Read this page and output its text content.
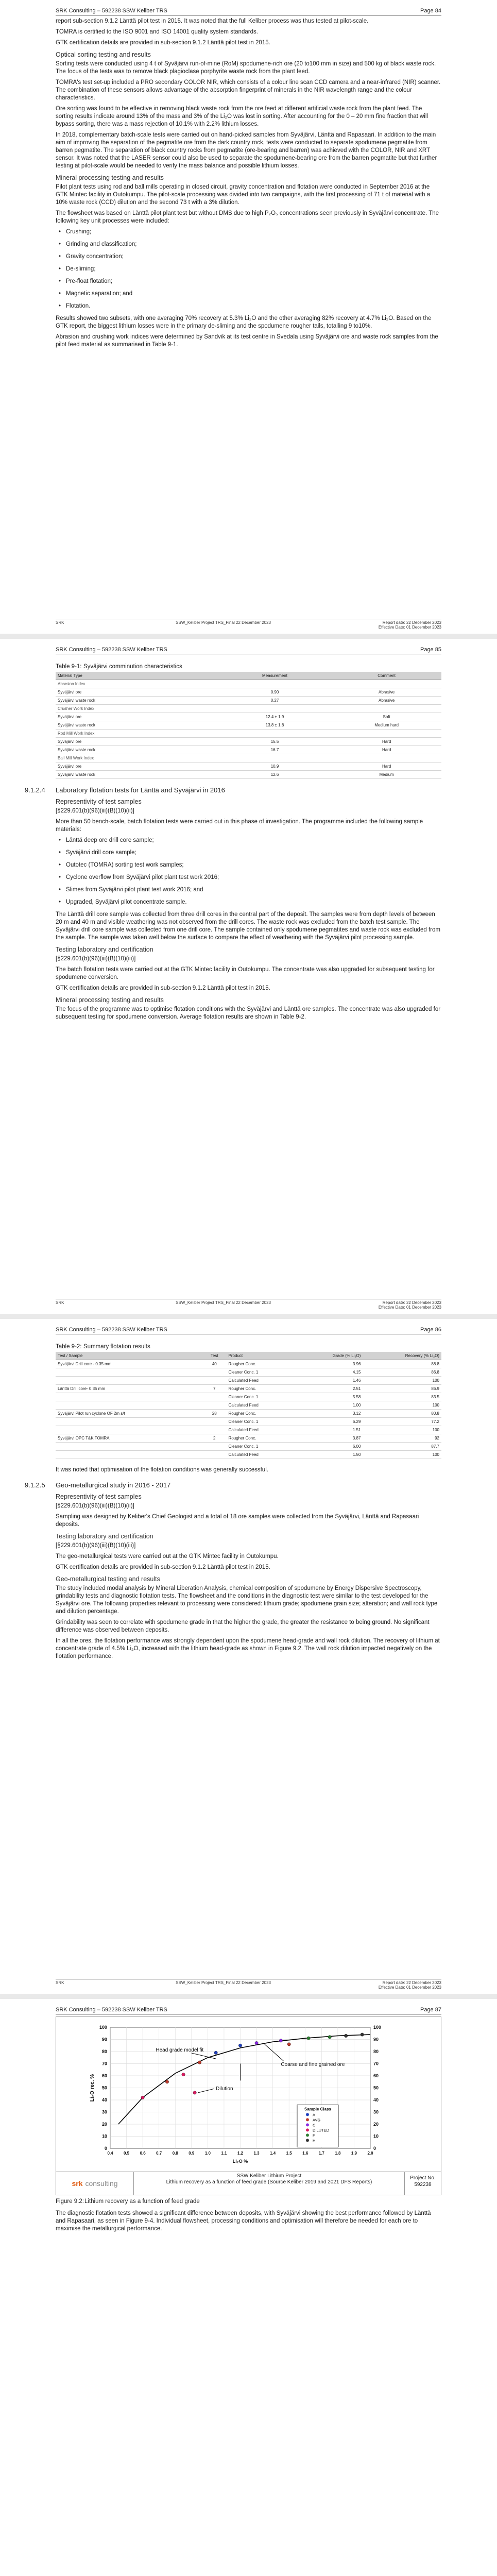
SRK Consulting – 592238 SSW Keliber TRS	Page 84

report sub-section 9.1.2 Länttä pilot test in 2015. It was noted that the full Keliber process was thus tested at pilot-scale.

TOMRA is certified to the ISO 9001 and ISO 14001 quality system standards.

GTK certification details are provided in sub-section 9.1.2 Länttä pilot test in 2015.

Optical sorting testing and results

Sorting tests were conducted using 4 t of Syväjärvi run-of-mine (RoM) spodumene-rich ore (20 to100 mm in size) and 500 kg of black waste rock. The focus of the tests was to remove black plagioclase porphyrite waste rock from the plant feed.

TOMRA's test set-up included a PRO secondary COLOR NIR, which consists of a colour line scan CCD camera and a near-infrared (NIR) scanner. The combination of these sensors allows advantage of the absorption fingerprint of minerals in the NIR wavelength range and the colour characteristics.

Ore sorting was found to be effective in removing black waste rock from the ore feed at different artificial waste rock from the plant feed. The sorting results indicate around 13% of the mass and 3% of the Li₂O was lost in sorting. After accounting for the 0 – 20 mm fine fraction that will bypass sorting, there was a mass rejection of 10.1% with 2.2% lithium losses.

In 2018, complementary batch-scale tests were carried out on hand-picked samples from Syväjärvi, Länttä and Rapasaari. In addition to the main aim of improving the separation of the pegmatite ore from the dark country rock, tests were conducted to separate spodumene pegmatite from barren pegmatite. The separation of black country rocks from pegmatite (ore-bearing and barren) was achieved with the COLOR, NIR and XRT sensor. It was noted that the LASER sensor could also be used to separate the spodumene-bearing ore from the barren pegmatite but that further testing at pilot-scale would be needed to verify the mass balance and possible lithium losses.

Mineral processing testing and results

Pilot plant tests using rod and ball mills operating in closed circuit, gravity concentration and flotation were conducted in September 2016 at the GTK Mintec facility in Outokumpu. The pilot-scale processing was divided into two campaigns, with the first processing of 71 t of material with a 10% waste rock (CCD) dilution and the second 73 t with a 3% dilution.

The flowsheet was based on Länttä pilot plant test but without DMS due to high P₂O₅ concentrations seen previously in Syväjärvi concentrate. The following key unit processes were included:

• Crushing;
• Grinding and classification;
• Gravity concentration;
• De-sliming;
• Pre-float flotation;
• Magnetic separation; and
• Flotation.

Results showed two subsets, with one averaging 70% recovery at 5.3% Li₂O and the other averaging 82% recovery at 4.7% Li₂O. Based on the GTK report, the biggest lithium losses were in the primary de-sliming and the spodumene rougher tails, totalling 9 to10%.

Abrasion and crushing work indices were determined by Sandvik at its test centre in Svedala using Syväjärvi ore and waste rock samples from the pilot feed material as summarised in Table 9-1.

SRK	SSW_Keliber Project TRS_Final 22 December 2023	Report date: 22 December 2023
Effective Date: 01 December 2023
SRK Consulting – 592238 SSW Keliber TRS	Page 85
Table 9-1: Syväjärvi comminution characteristics
Material Type	Measurement	Comment
Abrasion Index		
Syväjärvi ore	0.90	Abrasive
Syväjärvi waste rock	0.27	Abrasive
Crusher Work Index		
Syväjärvi ore	12.4 ± 1.9	Soft
Syväjärvi waste rock	13.8 ± 1.8	Medium hard
Rod Mill Work Index		
Syväjärvi ore	15.5	Hard
Syväjärvi waste rock	16.7	Hard
Ball Mill Work Index		
Syväjärvi ore	10.9	Hard
Syväjärvi waste rock	12.6	Medium
9.1.2.4	Laboratory flotation tests for Länttä and Syväjärvi in 2016
Representivity of test samples

[§229.601(b)(96)(iii)(B)(10)(ii)]

More than 50 bench-scale, batch flotation tests were carried out in this phase of investigation. The programme included the following sample materials:

• Länttä deep ore drill core sample;
• Syväjärvi drill core sample;
• Outotec (TOMRA) sorting test work samples;
• Cyclone overflow from Syväjärvi pilot plant test work 2016;
• Slimes from Syväjärvi pilot plant test work 2016; and
• Upgraded, Syväjärvi pilot concentrate sample.

The Länttä drill core sample was collected from three drill cores in the central part of the deposit. The samples were from depth levels of between 20 m and 40 m and visible weathering was not observed from the drill cores. The waste rock was excluded from the batch test sample. The Syväjärvi drill core sample was collected from one drill core. The sample contained only spodumene pegmatites and waste rock was excluded from the sample. The sample was taken well below the surface to compare the effect of weathering with the Syväjärvi pilot processing sample.

Testing laboratory and certification

[§229.601(b)(96)(iii)(B)(10)(iii)]

The batch flotation tests were carried out at the GTK Mintec facility in Outokumpu. The concentrate was also upgraded for subsequent testing for spodumene conversion.

GTK certification details are provided in sub-section 9.1.2 Länttä pilot test in 2015.

Mineral processing testing and results

The focus of the programme was to optimise flotation conditions with the Syväjärvi and Länttä ore samples. The concentrate was also upgraded for subsequent testing for spodumene conversion. Average flotation results are shown in Table 9-2.

SRK	SSW_Keliber Project TRS_Final 22 December 2023	Report date: 22 December 2023
Effective Date: 01 December 2023
SRK Consulting – 592238 SSW Keliber TRS	Page 86
Table 9-2: Summary flotation results
Test / Sample	Test	Product	Grade (% Li₂O)	Recovery (% Li₂O)
Syväjärvi Drill core - 0.35 mm	40	Rougher Conc.	3.96	88.8
		Cleaner Conc. 1	4.15	86.8
		Calculated Feed	1.46	100
Länttä Drill core- 0.35 mm	7	Rougher Conc.	2.51	86.9
		Cleaner Conc. 1	5.58	83.5
		Calculated Feed	1.00	100
Syväjärvi Pilot run cyclone OF 2m s/t	28	Rougher Conc.	3.12	80.8
		Cleaner Conc. 1	6.29	77.2
		Calculated Feed	1.51	100
Syväjärvi OPC T&K TOMRA	2	Rougher Conc.	3.87	92
		Cleaner Conc. 1	6.00	87.7
		Calculated Feed	1.50	100

It was noted that optimisation of the flotation conditions was generally successful.

9.1.2.5	Geo-metallurgical study in 2016 - 2017
Representivity of test samples

[§229.601(b)(96)(iii)(B)(10)(ii)]

Sampling was designed by Keliber's Chief Geologist and a total of 18 ore samples were collected from the Syväjärvi, Länttä and Rapasaari deposits.

Testing laboratory and certification

[§229.601(b)(96)(iii)(B)(10)(iii)]

The geo-metallurgical tests were carried out at the GTK Mintec facility in Outokumpu.

GTK certification details are provided in sub-section 9.1.2 Länttä pilot test in 2015.

Geo-metallurgical testing and results

The study included modal analysis by Mineral Liberation Analysis, chemical composition of spodumene by Energy Dispersive Spectroscopy, grindability tests and diagnostic flotation tests. The flowsheet and the conditions in the diagnostic test were similar to the test developed for the Syväjärvi ore. The following properties relevant to processing were considered: lithium grade; spodumene grain size; alteration; and wall rock type and dilution percentage.

Grindability was seen to correlate with spodumene grade in that the higher the grade, the greater the resistance to being ground. No significant difference was observed between deposits.

In all the ores, the flotation performance was strongly dependent upon the spodumene head-grade and wall rock dilution. The recovery of lithium at concentrate grade of 4.5% Li₂O, increased with the lithium head-grade as shown in Figure 9.2. The wall rock dilution impacted negatively on the flotation performance.

SRK	SSW_Keliber Project TRS_Final 22 December 2023	Report date: 22 December 2023
Effective Date: 01 December 2023
SRK Consulting – 592238 SSW Keliber TRS	Page 87
0	0
10	10
20	20
30	30
40	40
50	50
60	60
70	70
80	80
90	90
100	100
0.4	0.5	0.6	0.7	0.8	0.9	1.0	1.1	1.2	1.3	1.4	1.5	1.6	1.7	1.8	1.9	2.0
Li₂O %
Li₂O rec. %
Head grade model fit
Coarse and fine grained ore
Dilution
Sample Class
A
AVG
C
DILUTED
F
H
srk consulting
SSW Keliber Lithium Project
Lithium recovery as a function of feed grade (Source Keliber 2019 and 2021 DFS Reports)
Project No.
592238
Figure 9.2:Lithium recovery as a function of feed grade

The diagnostic flotation tests showed a significant difference between deposits, with Syväjärvi showing the best performance followed by Länttä and Rapasaari, as seen in Figure 9-4. Individual flowsheet, processing conditions and optimisation will therefore be needed for each ore to maximise the metallurgical performance.
